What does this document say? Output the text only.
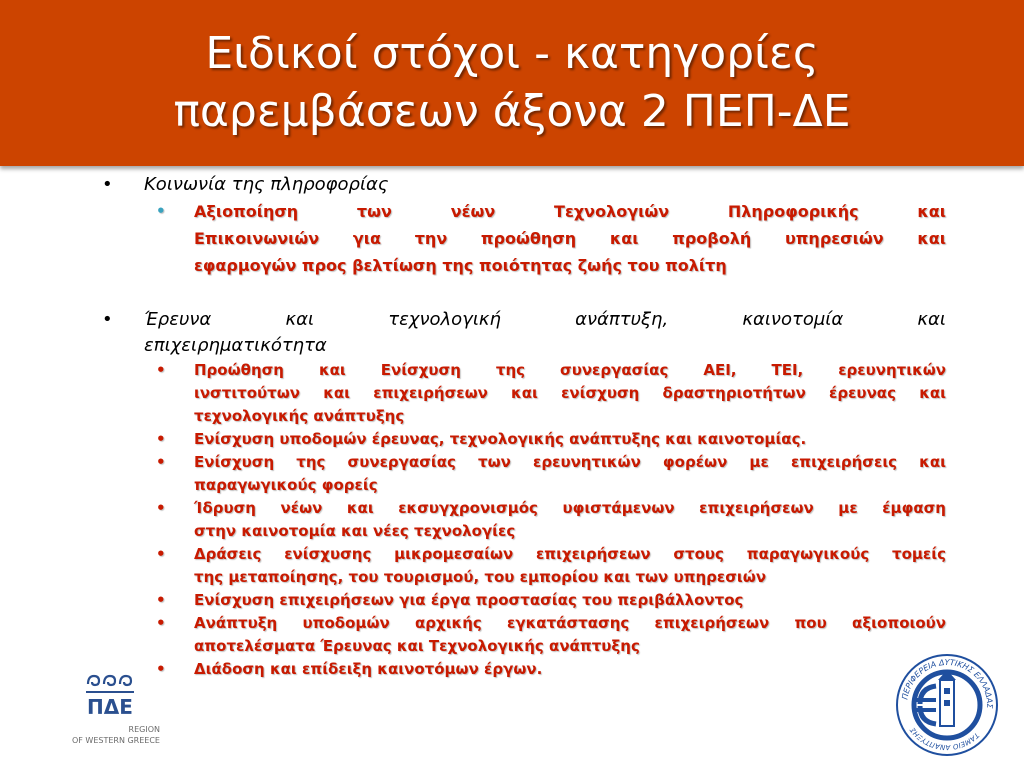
Ειδικοί στόχοι - κατηγορίες
παρεμβάσεων άξονα 2 ΠΕΠ-ΔΕ
• Κοινωνία της πληροφορίας
• Αξιοποίηση των νέων Τεχνολογιών Πληροφορικής και
Επικοινωνιών για την προώθηση και προβολή υπηρεσιών και
εφαρμογών προς βελτίωση της ποιότητας ζωής του πολίτη
• Έρευνα και τεχνολογική ανάπτυξη, καινοτομία και
επιχειρηματικότητα
• Προώθηση και Ενίσχυση της συνεργασίας ΑΕΙ, ΤΕΙ, ερευνητικών
ινστιτούτων και επιχειρήσεων και ενίσχυση δραστηριοτήτων έρευνας και
τεχνολογικής ανάπτυξης
• Ενίσχυση υποδομών έρευνας, τεχνολογικής ανάπτυξης και καινοτομίας.
• Ενίσχυση της συνεργασίας των ερευνητικών φορέων με επιχειρήσεις και
παραγωγικούς φορείς
• Ίδρυση νέων και εκσυγχρονισμός υφιστάμενων επιχειρήσεων με έμφαση
στην καινοτομία και νέες τεχνολογίες
• Δράσεις ενίσχυσης μικρομεσαίων επιχειρήσεων στους παραγωγικούς τομείς
της μεταποίησης, του τουρισμού, του εμπορίου και των υπηρεσιών
• Ενίσχυση επιχειρήσεων για έργα προστασίας του περιβάλλοντος
• Ανάπτυξη υποδομών αρχικής εγκατάστασης επιχειρήσεων που αξιοποιούν
αποτελέσματα Έρευνας και Τεχνολογικής ανάπτυξης
• Διάδοση και επίδειξη καινοτόμων έργων.
ΠΔΕ
REGION
OF WESTERN GREECE
ΠΕΡΙΦΕΡΕΙΑ ΔΥΤΙΚΗΣ ΕΛΛΑΔΑΣ
ΤΑΜΕΙΟ ΑΝΑΠΤΥΞΗΣ
